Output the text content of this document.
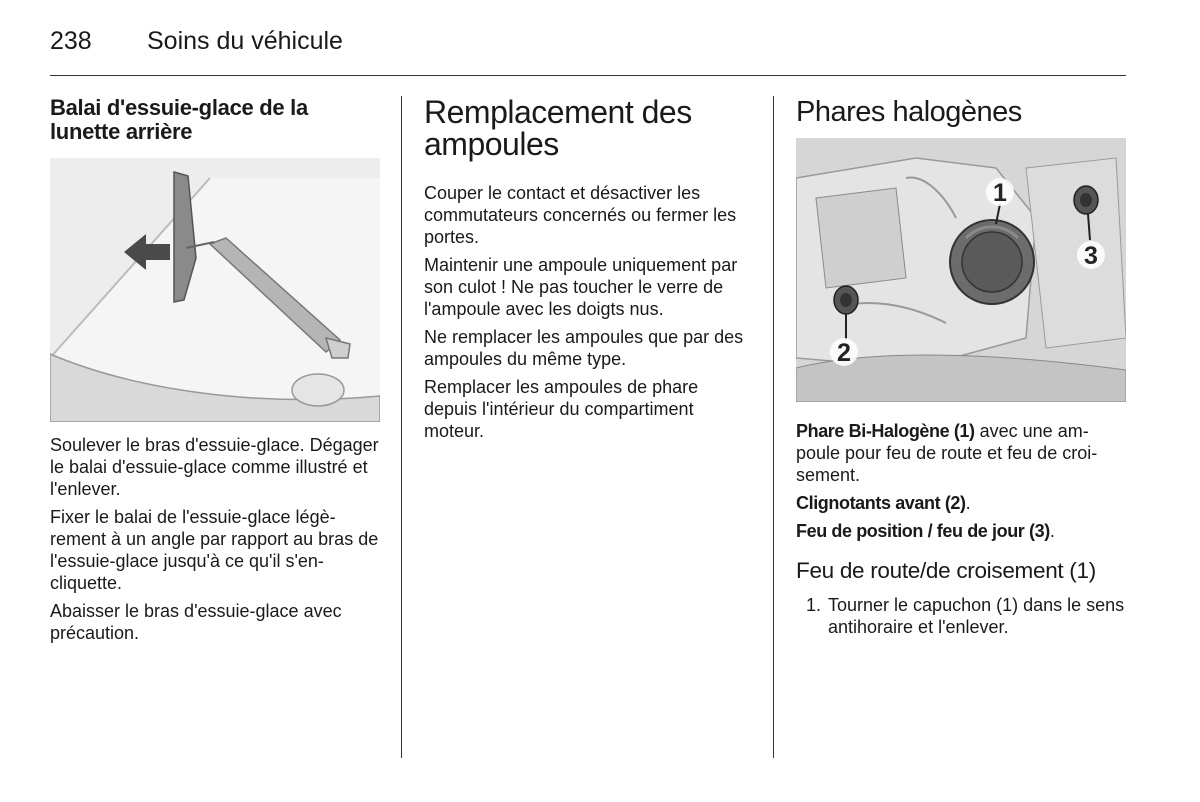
238 Soins du véhicule
Balai d'essuie-glace de la lunette arrière

Soulever le bras d'essuie-glace. Dégager le balai d'essuie-glace comme illustré et l'enlever.

Fixer le balai de l'essuie-glace légèrement à un angle par rapport au bras de l'essuie-glace jusqu'à ce qu'il s'encliquette.

Abaisser le bras d'essuie-glace avec précaution.

Remplacement des ampoules

Couper le contact et désactiver les commutateurs concernés ou fermer les portes.

Maintenir une ampoule uniquement par son culot ! Ne pas toucher le verre de l'ampoule avec les doigts nus.

Ne remplacer les ampoules que par des ampoules du même type.

Remplacer les ampoules de phare depuis l'intérieur du compartiment moteur.

Phares halogènes
1
2
3

Phare Bi-Halogène (1) avec une ampoule pour feu de route et feu de croisement.

Clignotants avant (2).

Feu de position / feu de jour (3).

Feu de route/de croisement (1)
1. Tourner le capuchon (1) dans le sens antihoraire et l'enlever.
